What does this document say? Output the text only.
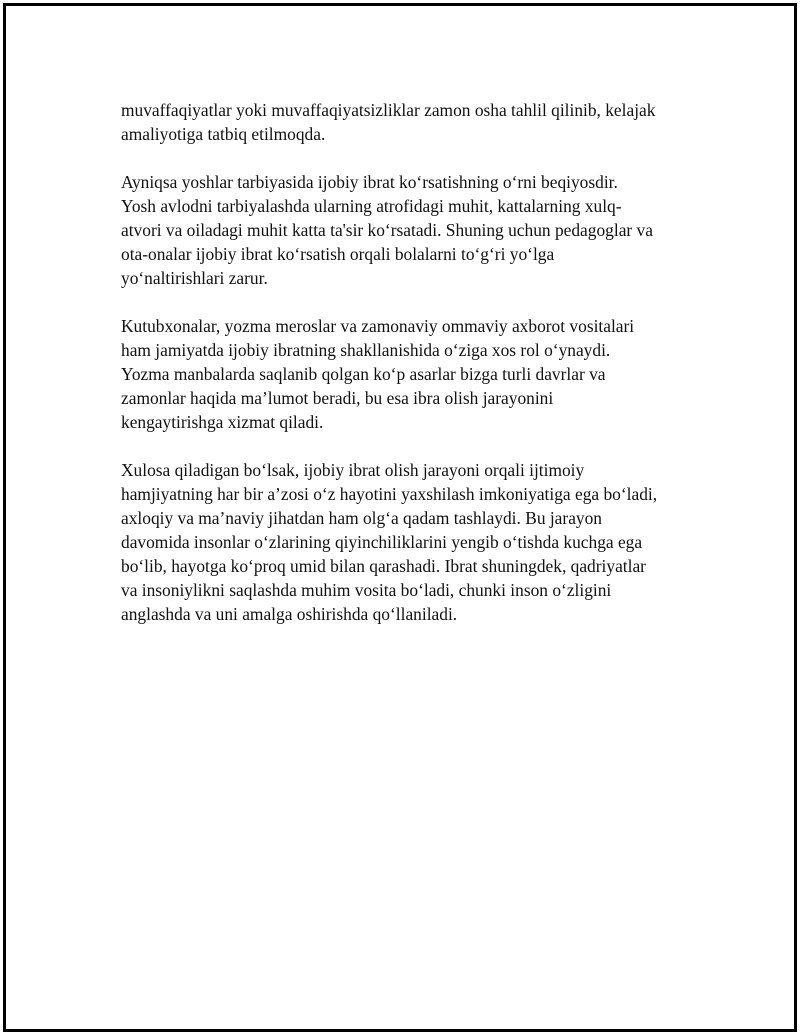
muvaffaqiyatlar yoki muvaffaqiyatsizliklar zamon osha tahlil qilinib, kelajak
amaliyotiga tatbiq etilmoqda.

Ayniqsa yoshlar tarbiyasida ijobiy ibrat ko‘rsatishning o‘rni beqiyosdir.
Yosh avlodni tarbiyalashda ularning atrofidagi muhit, kattalarning xulq-
atvori va oiladagi muhit katta ta'sir ko‘rsatadi. Shuning uchun pedagoglar va
ota-onalar ijobiy ibrat ko‘rsatish orqali bolalarni to‘g‘ri yo‘lga
yo‘naltirishlari zarur.

Kutubxonalar, yozma meroslar va zamonaviy ommaviy axborot vositalari
ham jamiyatda ijobiy ibratning shakllanishida o‘ziga xos rol o‘ynaydi.
Yozma manbalarda saqlanib qolgan ko‘p asarlar bizga turli davrlar va
zamonlar haqida ma’lumot beradi, bu esa ibra olish jarayonini
kengaytirishga xizmat qiladi.

Xulosa qiladigan bo‘lsak, ijobiy ibrat olish jarayoni orqali ijtimoiy
hamjiyatning har bir a’zosi o‘z hayotini yaxshilash imkoniyatiga ega bo‘ladi,
axloqiy va ma’naviy jihatdan ham olg‘a qadam tashlaydi. Bu jarayon
davomida insonlar o‘zlarining qiyinchiliklarini yengib o‘tishda kuchga ega
bo‘lib, hayotga ko‘proq umid bilan qarashadi. Ibrat shuningdek, qadriyatlar
va insoniylikni saqlashda muhim vosita bo‘ladi, chunki inson o‘zligini
anglashda va uni amalga oshirishda qo‘llaniladi.
